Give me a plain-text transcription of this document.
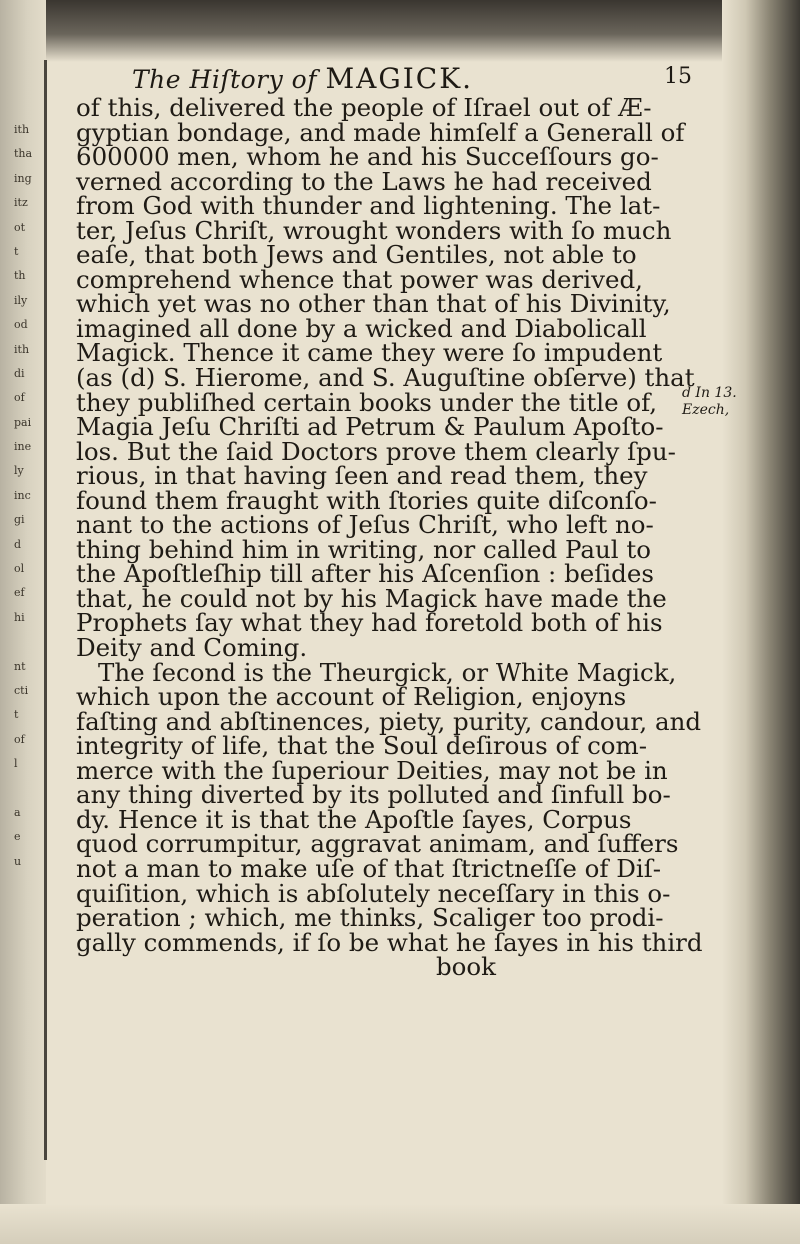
ith
tha
ing
itz
ot
t
th
ily
od
ith
di
of
pai
ine
ly
inc
gi
d
ol
ef
hi
nt
cti
t
of
l
a
e
u
The Hiſtory of MAGICK.	15
of this, delivered the people of Iſrael out of Æ-
gyptian bondage, and made himſelf a Generall of
600000 men, whom he and his Succeſſours go-
verned according to the Laws he had received
from God with thunder and lightening. The lat-
ter, Jeſus Chriſt, wrought wonders with ſo much
eaſe, that both Jews and Gentiles, not able to
comprehend whence that power was derived,
which yet was no other than that of his Divinity,
imagined all done by a wicked and Diabolicall
Magick. Thence it came they were ſo impudent
(as (d) S. Hierome, and S. Auguſtine obſerve) that
they publiſhed certain books under the title of,
Magia Jeſu Chriſti ad Petrum & Paulum Apoſto-
los. But the ſaid Doctors prove them clearly ſpu-
rious, in that having ſeen and read them, they
found them fraught with ſtories quite diſconſo-
nant to the actions of Jeſus Chriſt, who left no-
thing behind him in writing, nor called Paul to
the Apoſtleſhip till after his Aſcenſion : beſides
that, he could not by his Magick have made the
Prophets ſay what they had foretold both of his
Deity and Coming.
The ſecond is the Theurgick, or White Magick,
which upon the account of Religion, enjoyns
faſting and abſtinences, piety, purity, candour, and
integrity of life, that the Soul deſirous of com-
merce with the ſuperiour Deities, may not be in
any thing diverted by its polluted and ſinfull bo-
dy. Hence it is that the Apoſtle ſayes, Corpus
quod corrumpitur, aggravat animam, and ſuffers
not a man to make uſe of that ſtrictneſſe of Diſ-
quiſition, which is abſolutely neceſſary in this o-
peration ; which, me thinks, Scaliger too prodi-
gally commends, if ſo be what he ſayes in his third
book
d In 13.
Ezech,
